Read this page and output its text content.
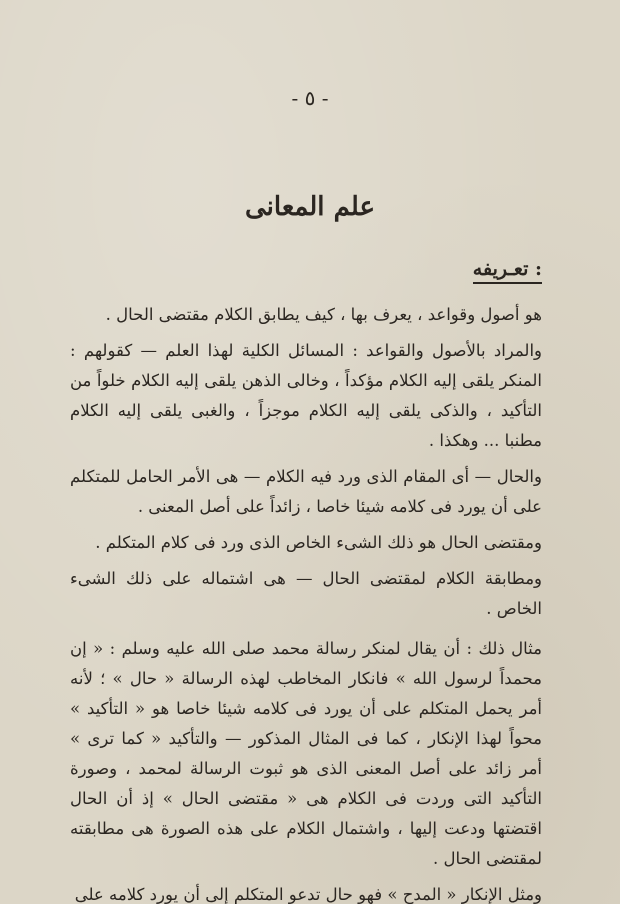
- ٥ -
علم المعانى
تعـريفه :
هو أصول وقواعد ، يعرف بها ، كيف يطابق الكلام مقتضى الحال .
والمراد بالأصول والقواعد : المسائل الكلية لهذا العلم — كقولهم : المنكر يلقى إليه الكلام مؤكداً ، وخالى الذهن يلقى إليه الكلام خلواً من التأكيد ، والذكى يلقى إليه الكلام موجزاً ، والغبى يلقى إليه الكلام مطنبا ... وهكذا .
والحال — أى المقام الذى ورد فيه الكلام — هى الأمر الحامل للمتكلم على أن يورد فى كلامه شيئا خاصا ، زائداً على أصل المعنى .
ومقتضى الحال هو ذلك الشىء الخاص الذى ورد فى كلام المتكلم .
ومطابقة الكلام لمقتضى الحال — هى اشتماله على ذلك الشىء الخاص .
مثال ذلك : أن يقال لمنكر رسالة محمد صلى الله عليه وسلم : « إن محمداً لرسول الله » فانكار المخاطب لهذه الرسالة « حال » ؛ لأنه أمر يحمل المتكلم على أن يورد فى كلامه شيئا خاصا هو « التأكيد » محواً لهذا الإنكار ، كما فى المثال المذكور — والتأكيد « كما ترى » أمر زائد على أصل المعنى الذى هو ثبوت الرسالة لمحمد ، وصورة التأكيد التى وردت فى الكلام هى « مقتضى الحال » إذ أن الحال اقتضتها ودعت إليها ، واشتمال الكلام على هذه الصورة هى مطابقته لمقتضى الحال .
ومثل الإنكار « المدح » فهو حال تدعو المتكلم إلى أن يورد كلامه على
